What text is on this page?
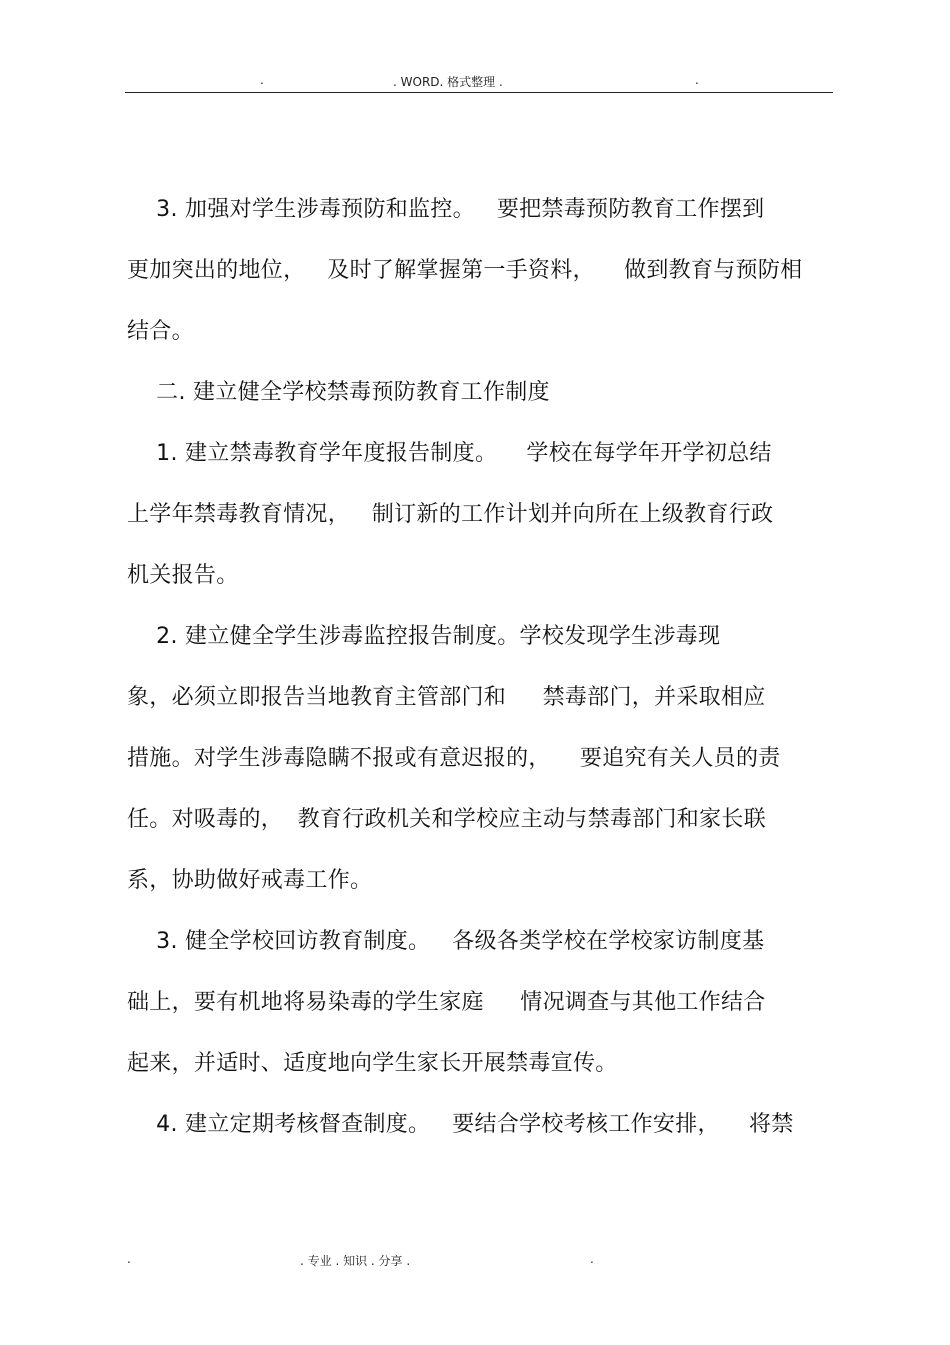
.	. WORD. 格式整理 .	.
3. 加强对学生涉毒预防和监控。   要把禁毒预防教育工作摆到
更加突出的地位，   及时了解掌握第一手资料，    做到教育与预防相
结合。
二. 建立健全学校禁毒预防教育工作制度
1. 建立禁毒教育学年度报告制度。    学校在每学年开学初总结
上学年禁毒教育情况，   制订新的工作计划并向所在上级教育行政
机关报告。
2. 建立健全学生涉毒监控报告制度。学校发现学生涉毒现
象，必须立即报告当地教育主管部门和     禁毒部门，并采取相应
措施。对学生涉毒隐瞒不报或有意迟报的，    要追究有关人员的责
任。对吸毒的，  教育行政机关和学校应主动与禁毒部门和家长联
系，协助做好戒毒工作。
3. 健全学校回访教育制度。   各级各类学校在学校家访制度基
础上，要有机地将易染毒的学生家庭     情况调查与其他工作结合
起来，并适时、适度地向学生家长开展禁毒宣传。
4. 建立定期考核督查制度。   要结合学校考核工作安排，    将禁
.	. 专业 . 知识 . 分享 .	.
